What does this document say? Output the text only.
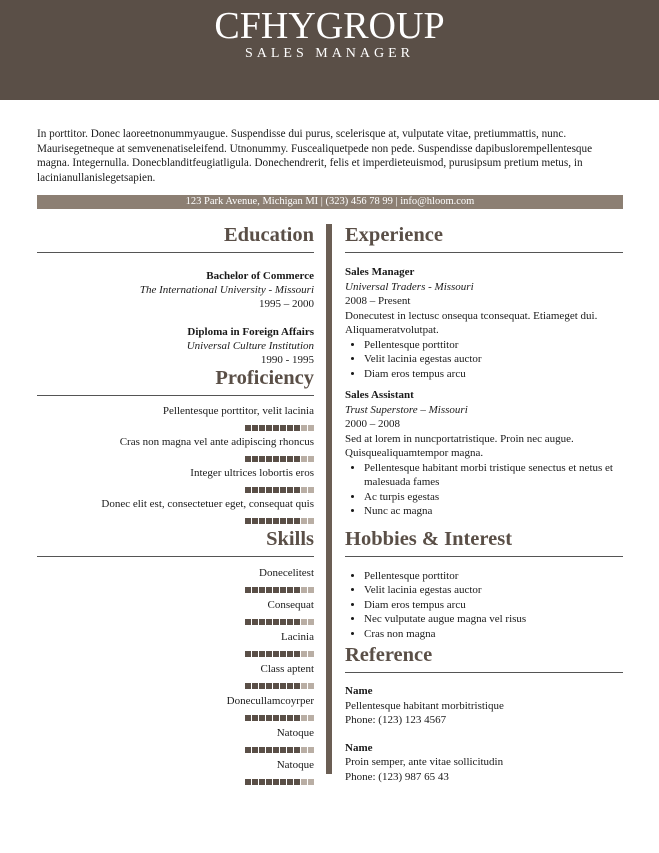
CFHYGROUP
SALES MANAGER
In porttitor. Donec laoreetnonummyaugue. Suspendisse dui purus, scelerisque at, vulputate vitae, pretiummattis, nunc. Maurisegetneque at semvenenatiseleifend. Utnonummy. Fuscealiquetpede non pede. Suspendisse dapibuslorempellentesque magna. Integernulla. Donecblanditfeugiatligula. Donechendrerit, felis et imperdieteuismod, purusipsum pretium metus, in lacinianullanislegetsapien.
123 Park Avenue, Michigan MI | (323) 456 78 99 | info@hloom.com
Education
Bachelor of Commerce
The International University - Missouri
1995 – 2000
Diploma in Foreign Affairs
Universal Culture Institution
1990 - 1995
Proficiency
Pellentesque porttitor, velit lacinia
Cras non magna vel ante adipiscing rhoncus
Integer ultrices lobortis eros
Donec elit est, consectetuer eget, consequat quis
Skills
Donecelitest
Consequat
Lacinia
Class aptent
Donecullamcoyrper
Natoque
Natoque
Experience
Sales Manager
Universal Traders - Missouri
2008 – Present
Donecutest in lectusc onsequa tconsequat. Etiameget dui. Aliquameratvolutpat.
• Pellentesque porttitor
• Velit lacinia egestas auctor
• Diam eros tempus arcu
Sales Assistant
Trust Superstore – Missouri
2000 – 2008
Sed at lorem in nuncportatristique. Proin nec augue. Quisquealiquamtempor magna.
• Pellentesque habitant morbi tristique senectus et netus et malesuada fames
• Ac turpis egestas
• Nunc ac magna
Hobbies & Interest
• Pellentesque porttitor
• Velit lacinia egestas auctor
• Diam eros tempus arcu
• Nec vulputate augue magna vel risus
• Cras non magna
Reference
Name
Pellentesque habitant morbitristique
Phone: (123) 123 4567
Name
Proin semper, ante vitae sollicitudin
Phone: (123) 987 65 43
